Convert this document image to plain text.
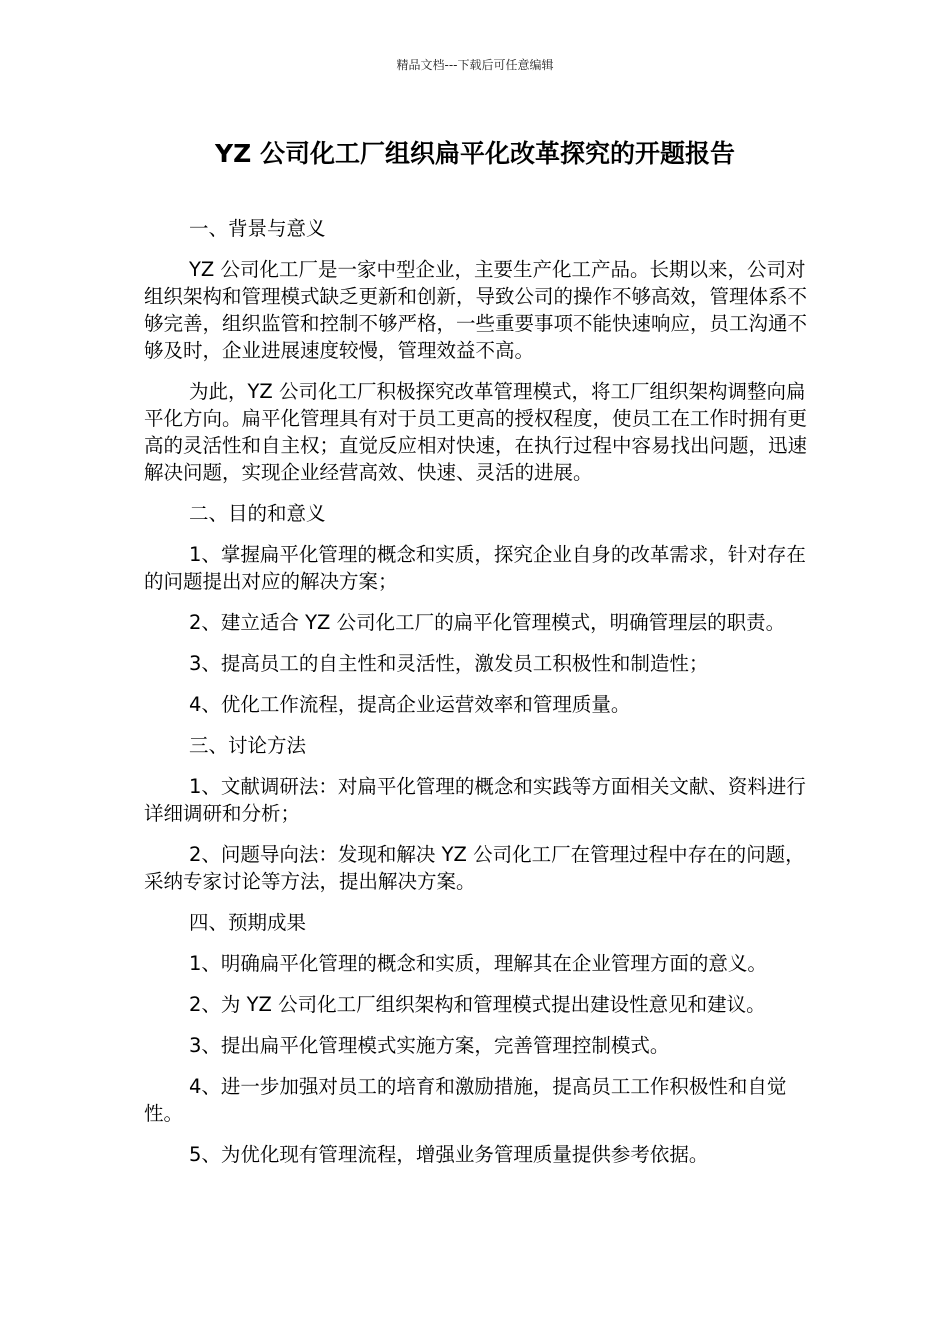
精品文档---下载后可任意编辑
YZ 公司化工厂组织扁平化改革探究的开题报告

一、背景与意义

YZ 公司化工厂是一家中型企业，主要生产化工产品。长期以来，公司对组织架构和管理模式缺乏更新和创新，导致公司的操作不够高效，管理体系不够完善，组织监管和控制不够严格，一些重要事项不能快速响应，员工沟通不够及时，企业进展速度较慢，管理效益不高。

为此，YZ 公司化工厂积极探究改革管理模式，将工厂组织架构调整向扁平化方向。扁平化管理具有对于员工更高的授权程度，使员工在工作时拥有更高的灵活性和自主权；直觉反应相对快速，在执行过程中容易找出问题，迅速解决问题，实现企业经营高效、快速、灵活的进展。

二、目的和意义

1、掌握扁平化管理的概念和实质，探究企业自身的改革需求，针对存在的问题提出对应的解决方案；

2、建立适合 YZ 公司化工厂的扁平化管理模式，明确管理层的职责。

3、提高员工的自主性和灵活性，激发员工积极性和制造性；

4、优化工作流程，提高企业运营效率和管理质量。

三、讨论方法

1、文献调研法：对扁平化管理的概念和实践等方面相关文献、资料进行详细调研和分析；

2、问题导向法：发现和解决 YZ 公司化工厂在管理过程中存在的问题，采纳专家讨论等方法，提出解决方案。

四、预期成果

1、明确扁平化管理的概念和实质，理解其在企业管理方面的意义。

2、为 YZ 公司化工厂组织架构和管理模式提出建设性意见和建议。

3、提出扁平化管理模式实施方案，完善管理控制模式。

4、进一步加强对员工的培育和激励措施，提高员工工作积极性和自觉性。

5、为优化现有管理流程，增强业务管理质量提供参考依据。
